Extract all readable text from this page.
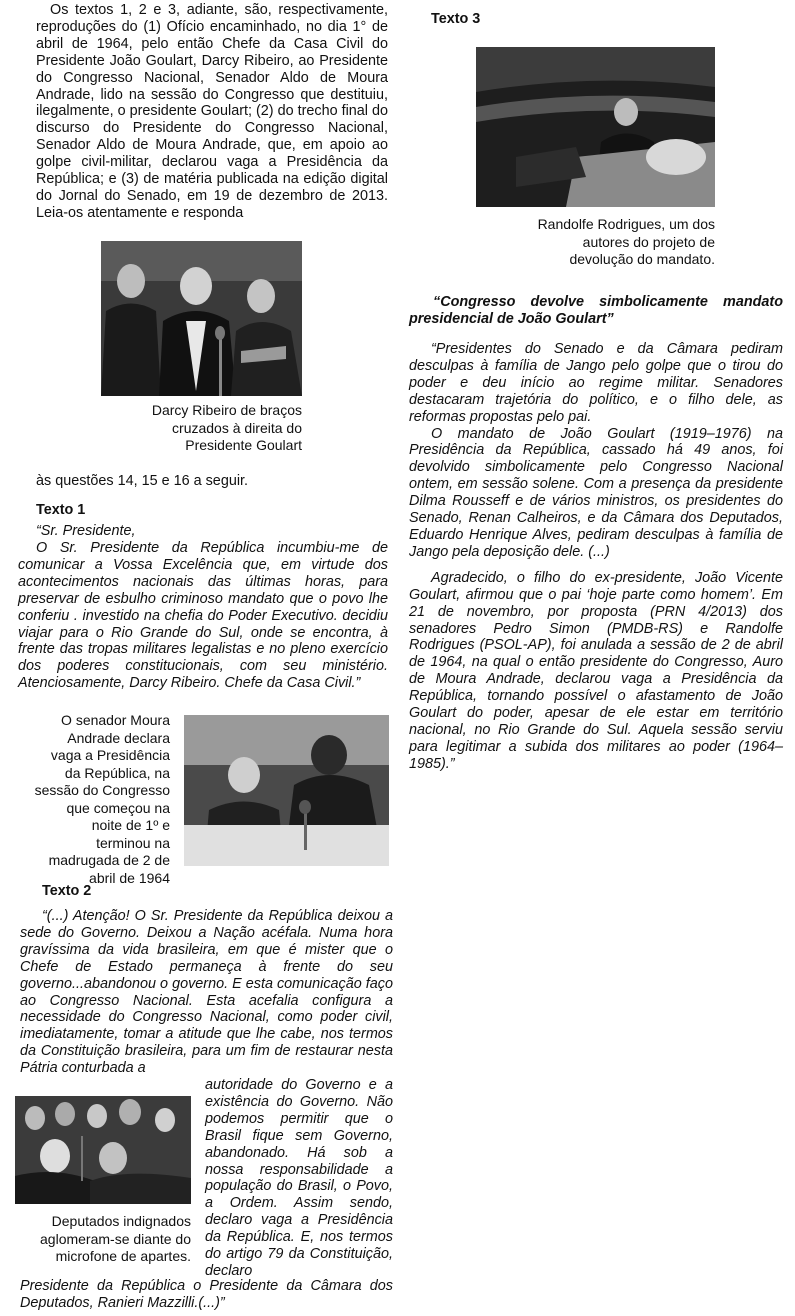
Os textos 1, 2 e 3, adiante, são, respectivamente, reproduções do (1) Ofício encaminhado, no dia 1° de abril de 1964, pelo então Chefe da Casa Civil do Presidente João Goulart, Darcy Ribeiro, ao Presidente do Congresso Nacional, Senador Aldo de Moura Andrade, lido na sessão do Congresso que destituiu, ilegalmente, o presidente Goulart; (2) do trecho final do discurso do Presidente do Congresso Nacional, Senador Aldo de Moura Andrade, que, em apoio ao golpe civil-militar, declarou vaga a Presidência da República; e (3) de matéria publicada na edição digital do Jornal do Senado, em 19 de dezembro de 2013. Leia-os atentamente e responda

Darcy Ribeiro de braços cruzados à direita do Presidente Goulart
às questões 14, 15 e 16 a seguir.
Texto 1
“Sr. Presidente,
O Sr. Presidente da República incumbiu-me de comunicar a Vossa Excelência que, em virtude dos acontecimentos nacionais das últimas horas, para preservar de esbulho criminoso mandato que o povo lhe conferiu . investido na chefia do Poder Executivo. decidiu viajar para o Rio Grande do Sul, onde se encontra, à frente das tropas militares legalistas e no pleno exercício dos poderes constitucionais, com seu ministério. Atenciosamente, Darcy Ribeiro. Chefe da Casa Civil.”
O senador Moura Andrade declara vaga a Presidência da República, na sessão do Congresso que começou na noite de 1º e terminou na madrugada de 2 de abril de 1964
Texto 2
“(...) Atenção! O Sr. Presidente da República deixou a sede do Governo. Deixou a Nação acéfala. Numa hora gravíssima da vida brasileira, em que é mister que o Chefe de Estado permaneça à frente do seu governo...abandonou o governo. E esta comunicação faço ao Congresso Nacional. Esta acefalia configura a necessidade do Congresso Nacional, como poder civil, imediatamente, tomar a atitude que lhe cabe, nos termos da Constituição brasileira, para um fim de restaurar nesta Pátria conturbada a
autoridade do Governo e a existência do Governo. Não podemos permitir que o Brasil fique sem Governo, abandonado. Há sob a nossa responsabilidade a população do Brasil, o Povo, a Ordem. Assim sendo, declaro vaga a Presidência da República. E, nos termos do artigo 79 da Constituição, declaro
Presidente da República o Presidente da Câmara dos Deputados, Ranieri Mazzilli.(...)”
Deputados indignados aglomeram-se diante do microfone de apartes.
Texto 3
Randolfe Rodrigues, um dos autores do projeto de devolução do mandato.
“Congresso devolve simbolicamente mandato presidencial de João Goulart”

“Presidentes do Senado e da Câmara pediram desculpas à família de Jango pelo golpe que o tirou do poder e deu início ao regime militar. Senadores destacaram trajetória do político, e o filho dele, as reformas propostas pelo pai.

O mandato de João Goulart (1919–1976) na Presidência da República, cassado há 49 anos, foi devolvido simbolicamente pelo Congresso Nacional ontem, em sessão solene. Com a presença da presidente Dilma Rousseff e de vários ministros, os presidentes do Senado, Renan Calheiros, e da Câmara dos Deputados, Eduardo Henrique Alves, pediram desculpas à família de Jango pela deposição dele. (...)

Agradecido, o filho do ex-presidente, João Vicente Goulart, afirmou que o pai ‘hoje parte como homem’. Em 21 de novembro, por proposta (PRN 4/2013) dos senadores Pedro Simon (PMDB-RS) e Randolfe Rodrigues (PSOL-AP), foi anulada a sessão de 2 de abril de 1964, na qual o então presidente do Congresso, Auro de Moura Andrade, declarou vaga a Presidência da República, tornando possível o afastamento de João Goulart do poder, apesar de ele estar em território nacional, no Rio Grande do Sul. Aquela sessão serviu para legitimar a subida dos militares ao poder (1964–1985).”
